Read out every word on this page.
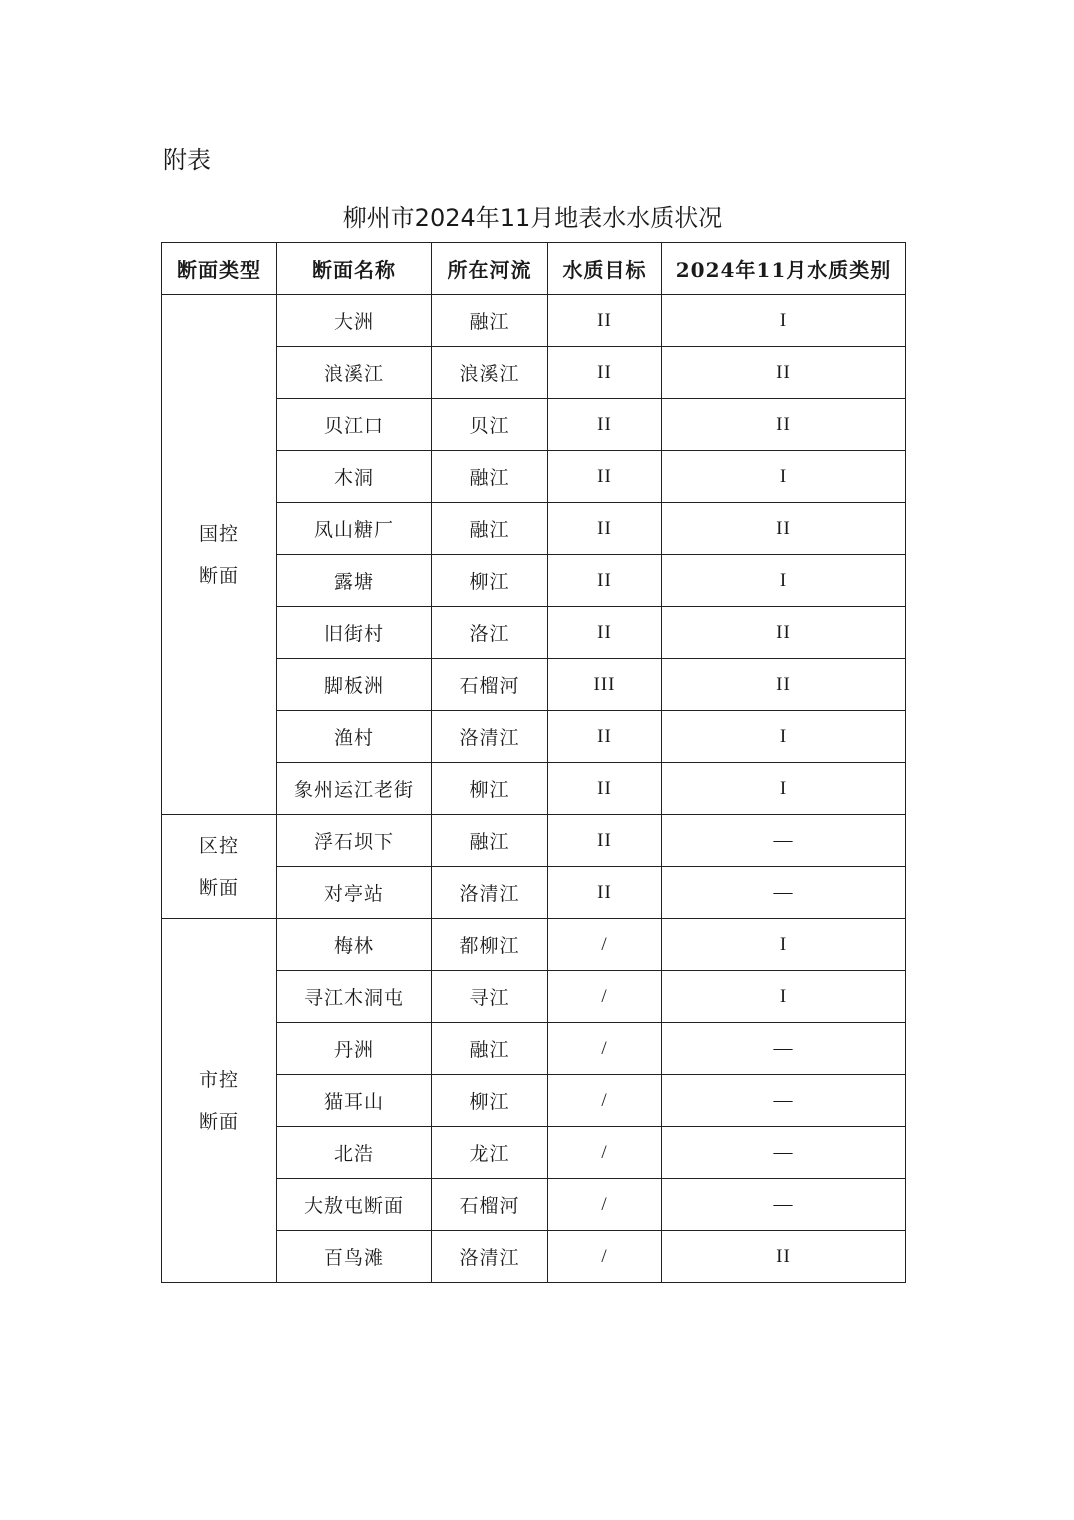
附表
柳州市2024年11月地表水水质状况
断面类型	断面名称	所在河流	水质目标	2024年11月水质类别

国控
断面	大洲	融江	II	I
	浪溪江	浪溪江	II	II
	贝江口	贝江	II	II
	木洞	融江	II	I
	凤山糖厂	融江	II	II
	露塘	柳江	II	I
	旧街村	洛江	II	II
	脚板洲	石榴河	III	II
	渔村	洛清江	II	I
	象州运江老街	柳江	II	I

区控
断面	浮石坝下	融江	II	—
	对亭站	洛清江	II	—

市控
断面	梅林	都柳江	/	I
	寻江木洞屯	寻江	/	I
	丹洲	融江	/	—
	猫耳山	柳江	/	—
	北浩	龙江	/	—
	大敖屯断面	石榴河	/	—
	百鸟滩	洛清江	/	II
